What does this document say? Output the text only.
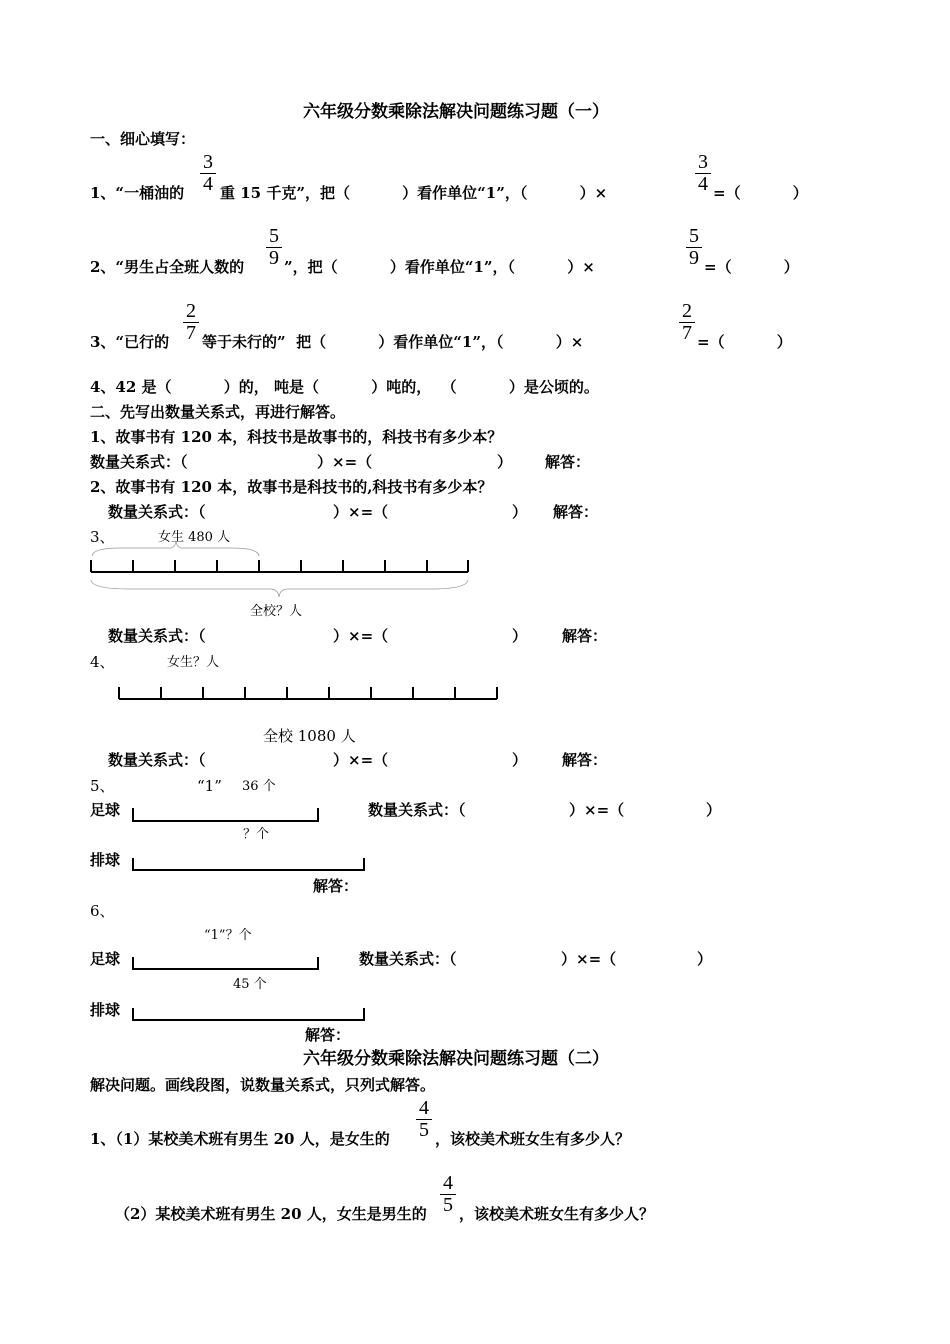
六年级分数乘除法解决问题练习题（一）
一、细心填写：
1、“一桶油的 $\frac{3}{4}$ 重 15 千克”，把（          ）看作单位“1”，（          ）×	$\frac{3}{4}$ =（          ）
2、“男生占全班人数的 $\frac{5}{9}$ ”，把（          ）看作单位“1”，（          ）×	$\frac{5}{9}$ =（          ）
3、“已行的 $\frac{2}{7}$ 等于未行的”  把（          ）看作单位“1”，（          ）×	$\frac{2}{7}$ =（          ）
4、42 是（          ）的， 吨是（          ）吨的，  （          ）是公顷的。
二、先写出数量关系式，再进行解答。
1、故事书有 120 本，科技书是故事书的，科技书有多少本？
数量关系式：（	）×=（	） 解答：
2、故事书有 120 本，故事书是科技书的,科技书有多少本？
数量关系式：（	）×=（	） 解答：
3、	女生 480 人
全校？人
数量关系式：（	）×=（	） 解答：
4、	女生？人
全校 1080 人
数量关系式：（	）×=（	） 解答：
5、	“1” 36 个
足球	数量关系式：（	）×=（	）
？个
排球
解答：
6、
“1”？个
足球	数量关系式：（	）×=（	）
45 个
排球
解答：
六年级分数乘除法解决问题练习题（二）
解决问题。画线段图，说数量关系式，只列式解答。
1、（1）某校美术班有男生 20 人，是女生的 $\frac{4}{5}$ ，该校美术班女生有多少人？
（2）某校美术班有男生 20 人，女生是男生的 $\frac{4}{5}$ ，该校美术班女生有多少人？
